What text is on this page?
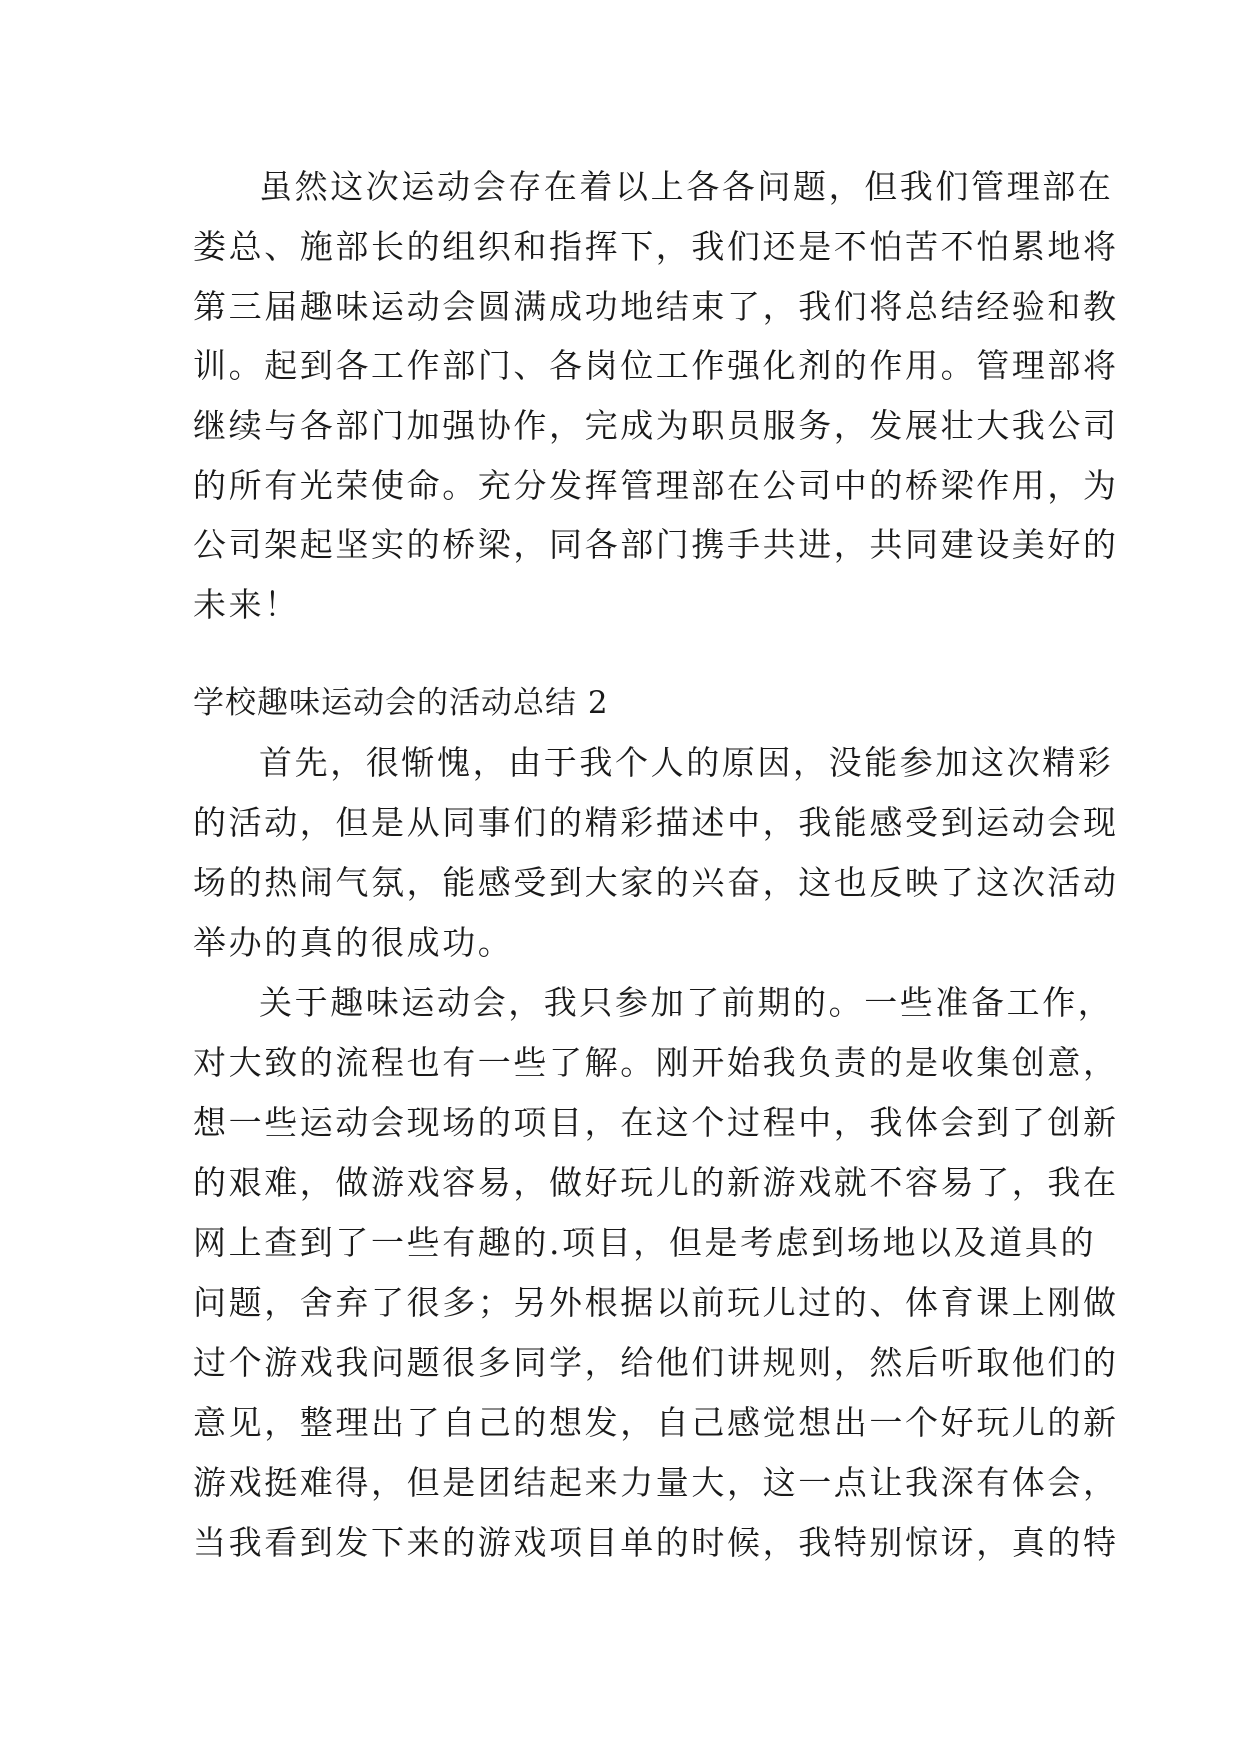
虽然这次运动会存在着以上各各问题，但我们管理部在
娄总、施部长的组织和指挥下，我们还是不怕苦不怕累地将
第三届趣味运动会圆满成功地结束了，我们将总结经验和教
训。起到各工作部门、各岗位工作强化剂的作用。管理部将
继续与各部门加强协作，完成为职员服务，发展壮大我公司
的所有光荣使命。充分发挥管理部在公司中的桥梁作用，为
公司架起坚实的桥梁，同各部门携手共进，共同建设美好的
未来！
学校趣味运动会的活动总结 2
首先，很惭愧，由于我个人的原因，没能参加这次精彩
的活动，但是从同事们的精彩描述中，我能感受到运动会现
场的热闹气氛，能感受到大家的兴奋，这也反映了这次活动
举办的真的很成功。
关于趣味运动会，我只参加了前期的。一些准备工作，
对大致的流程也有一些了解。刚开始我负责的是收集创意，
想一些运动会现场的项目，在这个过程中，我体会到了创新
的艰难，做游戏容易，做好玩儿的新游戏就不容易了，我在
网上查到了一些有趣的.项目，但是考虑到场地以及道具的
问题，舍弃了很多；另外根据以前玩儿过的、体育课上刚做
过个游戏我问题很多同学，给他们讲规则，然后听取他们的
意见，整理出了自己的想发，自己感觉想出一个好玩儿的新
游戏挺难得，但是团结起来力量大，这一点让我深有体会，
当我看到发下来的游戏项目单的时候，我特别惊讶，真的特
